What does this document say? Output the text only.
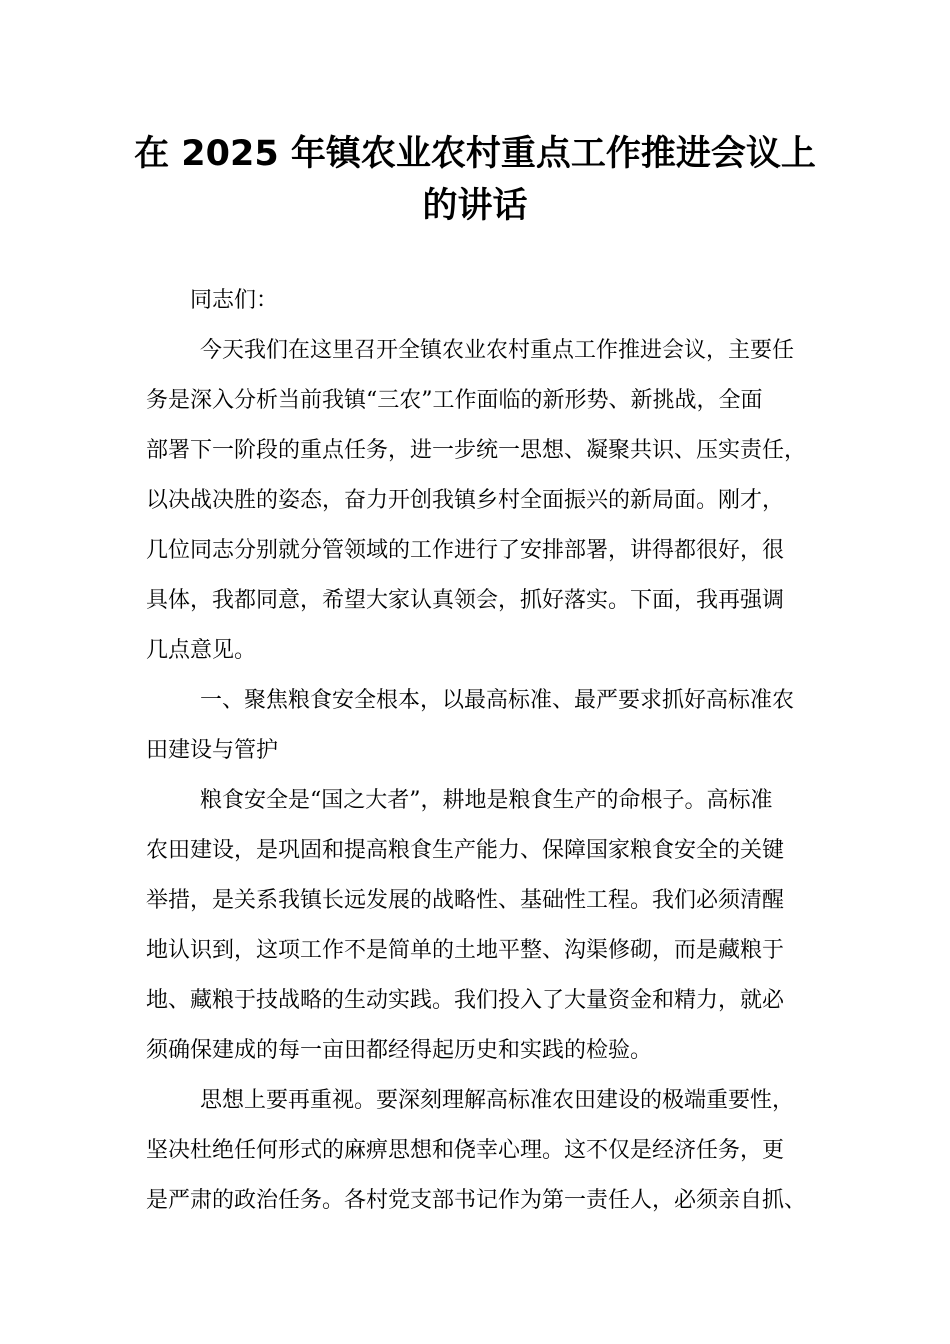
在 2025 年镇农业农村重点工作推进会议上
的讲话

同志们：

今天我们在这里召开全镇农业农村重点工作推进会议，主要任

务是深入分析当前我镇“三农”工作面临的新形势、新挑战，全面

部署下一阶段的重点任务，进一步统一思想、凝聚共识、压实责任，

以决战决胜的姿态，奋力开创我镇乡村全面振兴的新局面。刚才，

几位同志分别就分管领域的工作进行了安排部署，讲得都很好，很

具体，我都同意，希望大家认真领会，抓好落实。下面，我再强调

几点意见。

一、聚焦粮食安全根本，以最高标准、最严要求抓好高标准农

田建设与管护

粮食安全是“国之大者”，耕地是粮食生产的命根子。高标准

农田建设，是巩固和提高粮食生产能力、保障国家粮食安全的关键

举措，是关系我镇长远发展的战略性、基础性工程。我们必须清醒

地认识到，这项工作不是简单的土地平整、沟渠修砌，而是藏粮于

地、藏粮于技战略的生动实践。我们投入了大量资金和精力，就必

须确保建成的每一亩田都经得起历史和实践的检验。

思想上要再重视。要深刻理解高标准农田建设的极端重要性，

坚决杜绝任何形式的麻痹思想和侥幸心理。这不仅是经济任务，更

是严肃的政治任务。各村党支部书记作为第一责任人，必须亲自抓、
